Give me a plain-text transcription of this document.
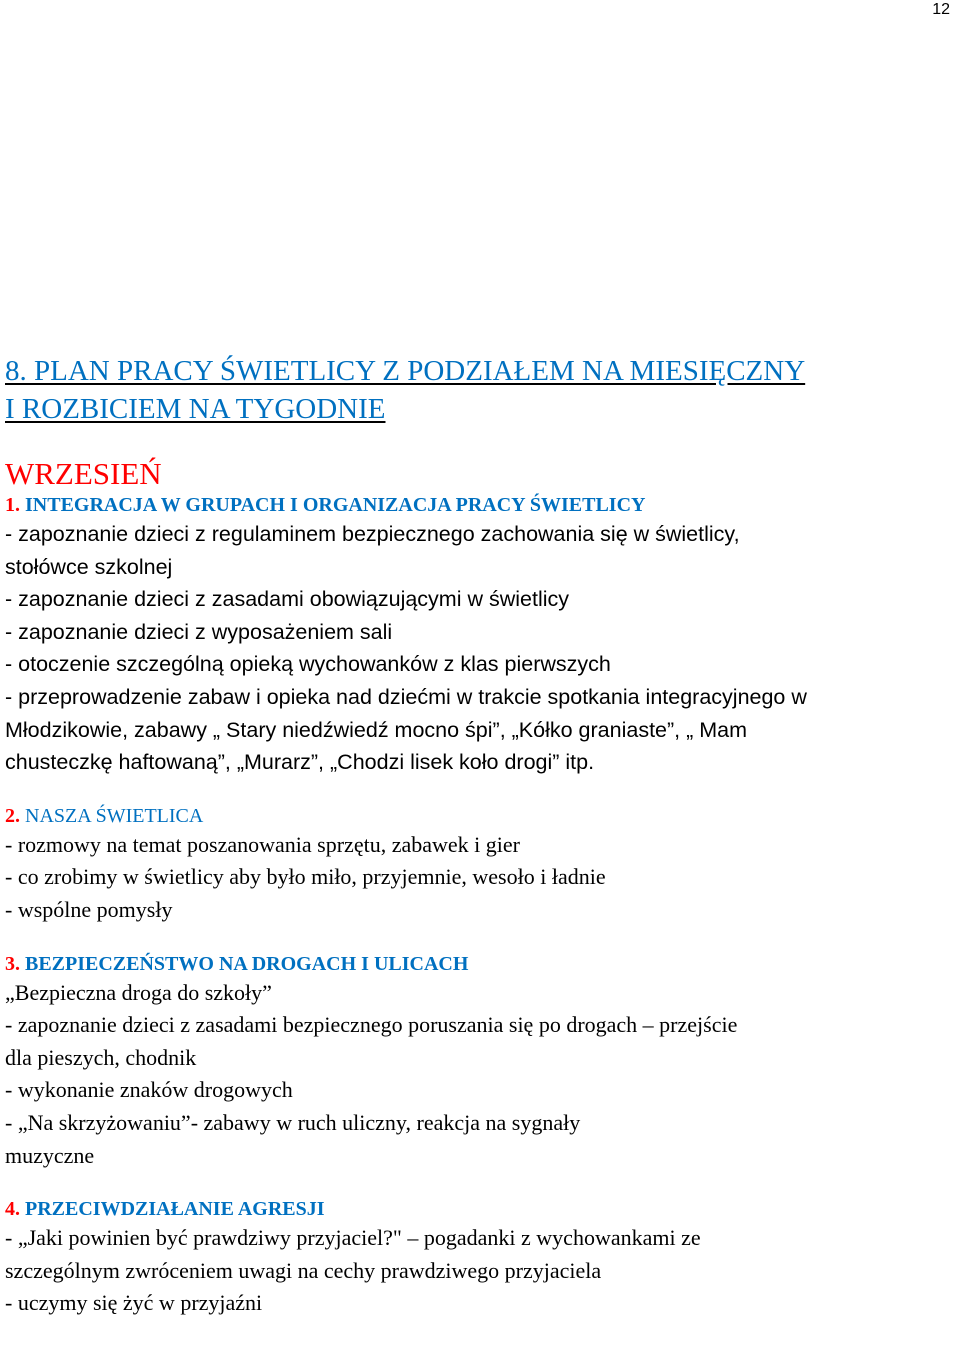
12
8. PLAN PRACY ŚWIETLICY Z PODZIAŁEM NA MIESIĘCZNY
I ROZBICIEM NA TYGODNIE
WRZESIEŃ
1. INTEGRACJA W GRUPACH I ORGANIZACJA PRACY ŚWIETLICY
- zapoznanie dzieci z regulaminem bezpiecznego zachowania się w świetlicy,
stołówce szkolnej
- zapoznanie dzieci z zasadami obowiązującymi w świetlicy
- zapoznanie dzieci z wyposażeniem sali
- otoczenie szczególną opieką wychowanków z klas pierwszych
- przeprowadzenie zabaw i opieka nad dziećmi w trakcie spotkania integracyjnego w
Młodzikowie, zabawy „ Stary niedźwiedź mocno śpi”, „Kółko graniaste”, „ Mam
chusteczkę haftowaną”, „Murarz”, „Chodzi lisek koło drogi” itp.
2. NASZA ŚWIETLICA
- rozmowy na temat poszanowania sprzętu, zabawek i gier
- co zrobimy w świetlicy aby było miło, przyjemnie, wesoło i ładnie
- wspólne pomysły
3. BEZPIECZEŃSTWO NA DROGACH I ULICACH
„Bezpieczna droga do szkoły”
- zapoznanie dzieci z zasadami bezpiecznego poruszania się po drogach – przejście
dla pieszych, chodnik
- wykonanie znaków drogowych
- „Na skrzyżowaniu”- zabawy w ruch uliczny, reakcja na sygnały
muzyczne
4. PRZECIWDZIAŁANIE AGRESJI
- „Jaki powinien być prawdziwy przyjaciel?" – pogadanki z wychowankami ze
szczególnym zwróceniem uwagi na cechy prawdziwego przyjaciela
- uczymy się żyć w przyjaźni
